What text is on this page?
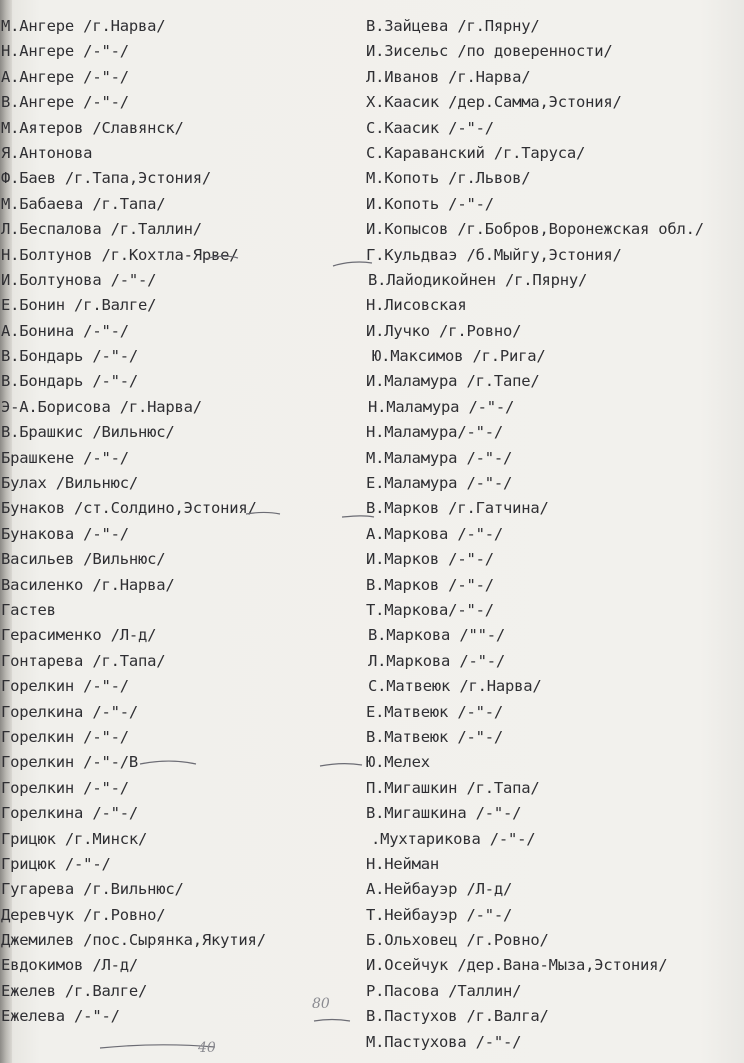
М.Ангере /г.Нарва/
Н.Ангере /-"-/
А.Ангере /-"-/
В.Ангере /-"-/
М.Аятеров /Славянск/
Я.Антонова
Ф.Баев /г.Тапа,Эстония/
М.Бабаева /г.Тапа/
Л.Беспалова /г.Таллин/
Н.Болтунов /г.Кохтла-Ярве/
И.Болтунова /-"-/
Е.Бонин /г.Валге/
А.Бонина /-"-/
В.Бондарь /-"-/
В.Бондарь /-"-/
Э-А.Борисова /г.Нарва/
В.Брашкис /Вильнюс/
Брашкене /-"-/
Булах /Вильнюс/
Бунаков /ст.Солдино,Эстония/
Бунакова /-"-/
Васильев /Вильнюс/
Василенко /г.Нарва/
Гастев
Герасименко /Л-д/
Гонтарева /г.Тапа/
Горелкин /-"-/
Горелкина /-"-/
Горелкин /-"-/
Горелкин /-"-/В
Горелкин /-"-/
Горелкина /-"-/
Грицюк /г.Минск/
Грицюк /-"-/
Гугарева /г.Вильнюс/
Деревчук /г.Ровно/
Джемилев /пос.Сырянка,Якутия/
Евдокимов /Л-д/
Ежелев /г.Валге/
Ежелева /-"-/
В.Зайцева /г.Пярну/
И.Зисельс /по доверенности/
Л.Иванов /г.Нарва/
Х.Каасик /дер.Самма,Эстония/
С.Каасик /-"-/
С.Караванский /г.Таруса/
М.Копоть /г.Львов/
И.Копоть /-"-/
И.Копысов /г.Бобров,Воронежская обл./
Г.Кульдваэ /б.Мыйгу,Эстония/
В.Лайодикойнен /г.Пярну/
Н.Лисовская
И.Лучко /г.Ровно/
Ю.Максимов /г.Рига/
И.Маламура /г.Тапе/
Н.Маламура /-"-/
Н.Маламура/-"-/
М.Маламура /-"-/
Е.Маламура /-"-/
В.Марков /г.Гатчина/
А.Маркова /-"-/
И.Марков /-"-/
В.Марков /-"-/
Т.Маркова/-"-/
В.Маркова /""-/
Л.Маркова /-"-/
С.Матвеюк /г.Нарва/
Е.Матвеюк /-"-/
В.Матвеюк /-"-/
Ю.Мелех
П.Мигашкин /г.Тапа/
В.Мигашкина /-"-/
.Мухтарикова /-"-/
Н.Нейман
А.Нейбауэр /Л-д/
Т.Нейбауэр /-"-/
Б.Ольховец /г.Ровно/
И.Осейчук /дер.Вана-Мыза,Эстония/
Р.Пасова /Таллин/
В.Пастухов /г.Валга/
М.Пастухова /-"-/
80
40
